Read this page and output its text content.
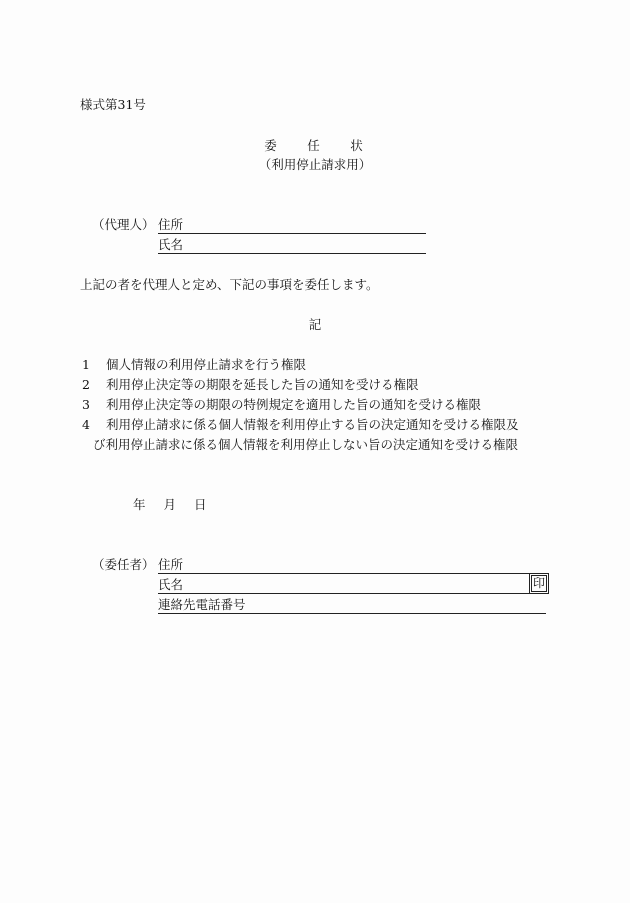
様式第31号
委　任　状
（利用停止請求用）
（代理人） 住所
氏名
上記の者を代理人と定め、下記の事項を委任します。
記
1 個人情報の利用停止請求を行う権限
2 利用停止決定等の期限を延長した旨の通知を受ける権限
3 利用停止決定等の期限の特例規定を適用した旨の通知を受ける権限
4 利用停止請求に係る個人情報を利用停止する旨の決定通知を受ける権限及
び利用停止請求に係る個人情報を利用停止しない旨の決定通知を受ける権限
年 月 日
（委任者） 住所
氏名	印
連絡先電話番号
